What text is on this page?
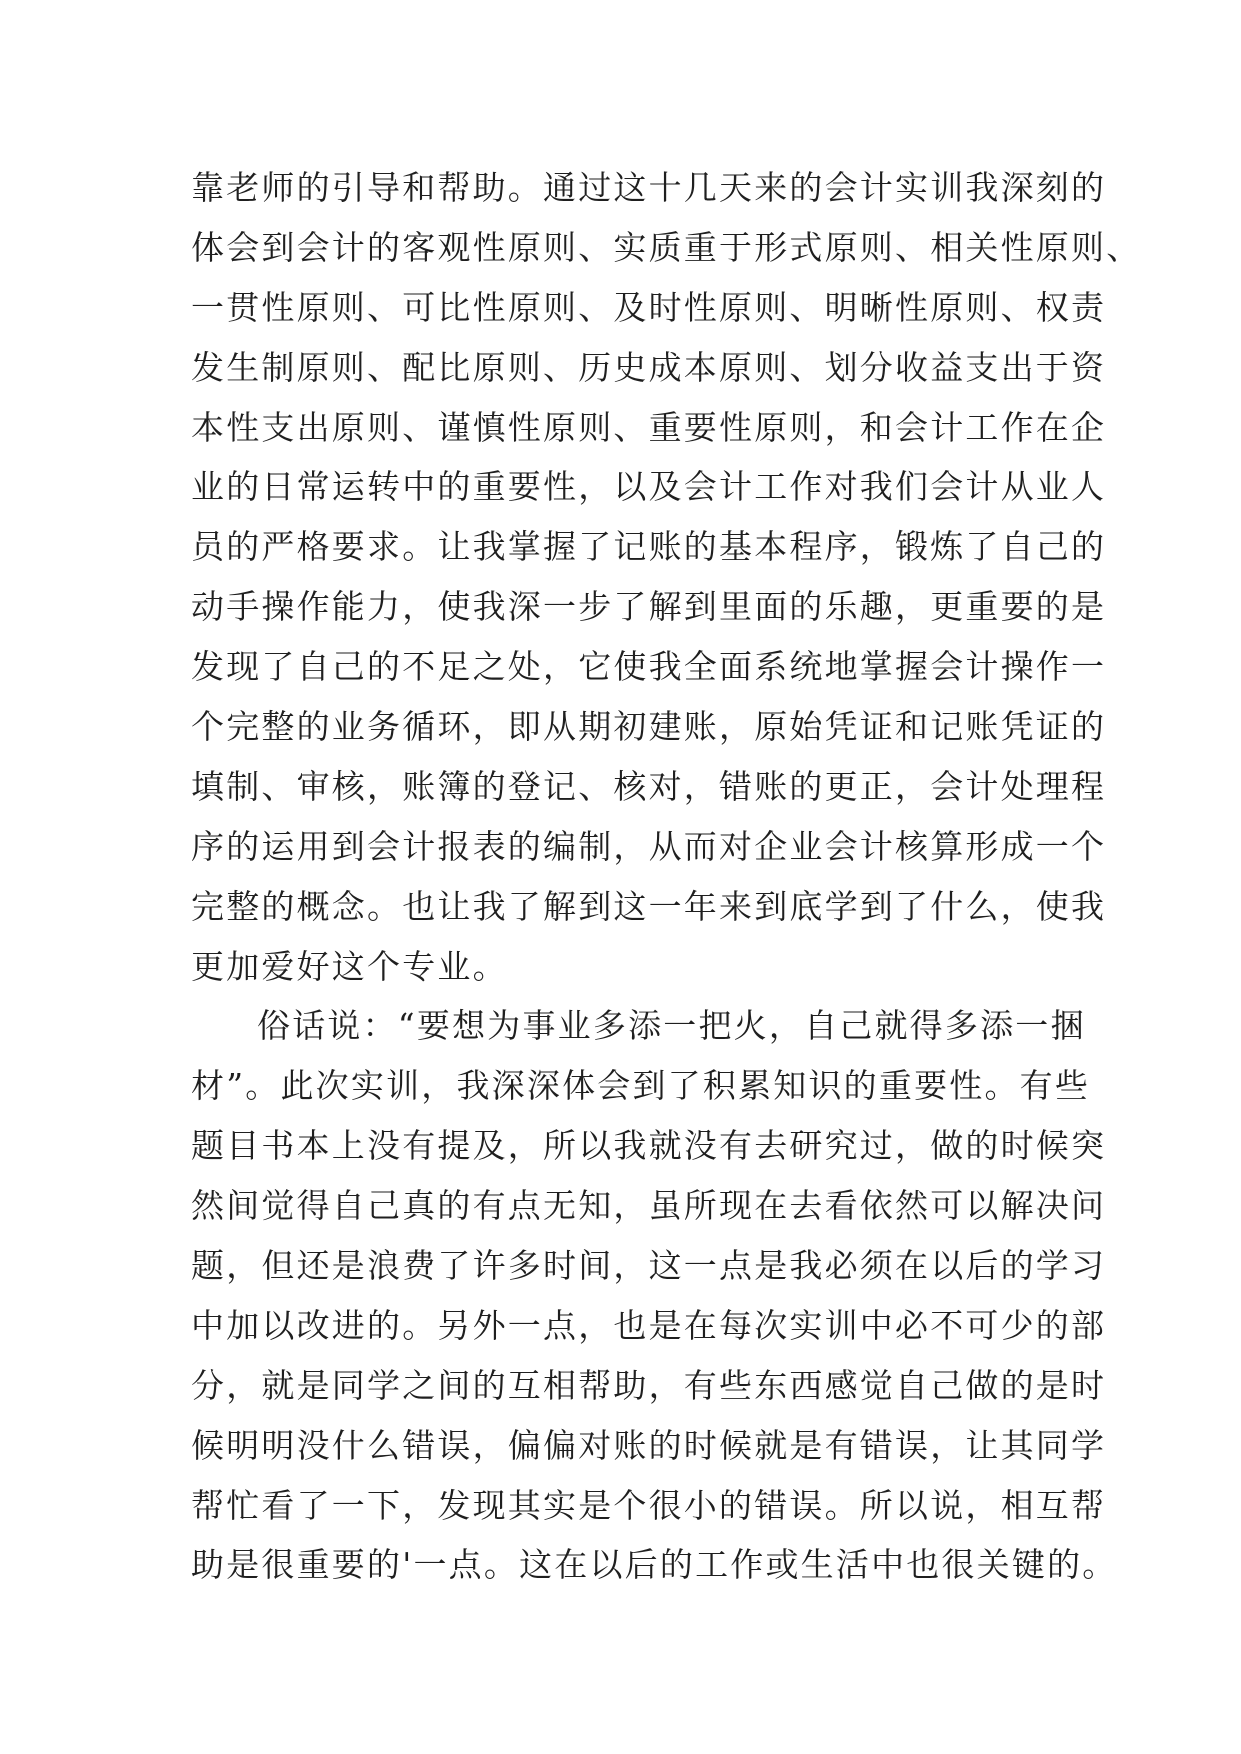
靠老师的引导和帮助。通过这十几天来的会计实训我深刻的
体会到会计的客观性原则、实质重于形式原则、相关性原则、
一贯性原则、可比性原则、及时性原则、明晰性原则、权责
发生制原则、配比原则、历史成本原则、划分收益支出于资
本性支出原则、谨慎性原则、重要性原则，和会计工作在企
业的日常运转中的重要性，以及会计工作对我们会计从业人
员的严格要求。让我掌握了记账的基本程序，锻炼了自己的
动手操作能力，使我深一步了解到里面的乐趣，更重要的是
发现了自己的不足之处，它使我全面系统地掌握会计操作一
个完整的业务循环，即从期初建账，原始凭证和记账凭证的
填制、审核，账簿的登记、核对，错账的更正，会计处理程
序的运用到会计报表的编制，从而对企业会计核算形成一个
完整的概念。也让我了解到这一年来到底学到了什么，使我
更加爱好这个专业。
俗话说：“要想为事业多添一把火，自己就得多添一捆
材”。此次实训，我深深体会到了积累知识的重要性。有些
题目书本上没有提及，所以我就没有去研究过，做的时候突
然间觉得自己真的有点无知，虽所现在去看依然可以解决问
题，但还是浪费了许多时间，这一点是我必须在以后的学习
中加以改进的。另外一点，也是在每次实训中必不可少的部
分，就是同学之间的互相帮助，有些东西感觉自己做的是时
候明明没什么错误，偏偏对账的时候就是有错误，让其同学
帮忙看了一下，发现其实是个很小的错误。所以说，相互帮
助是很重要的'一点。这在以后的工作或生活中也很关键的。
